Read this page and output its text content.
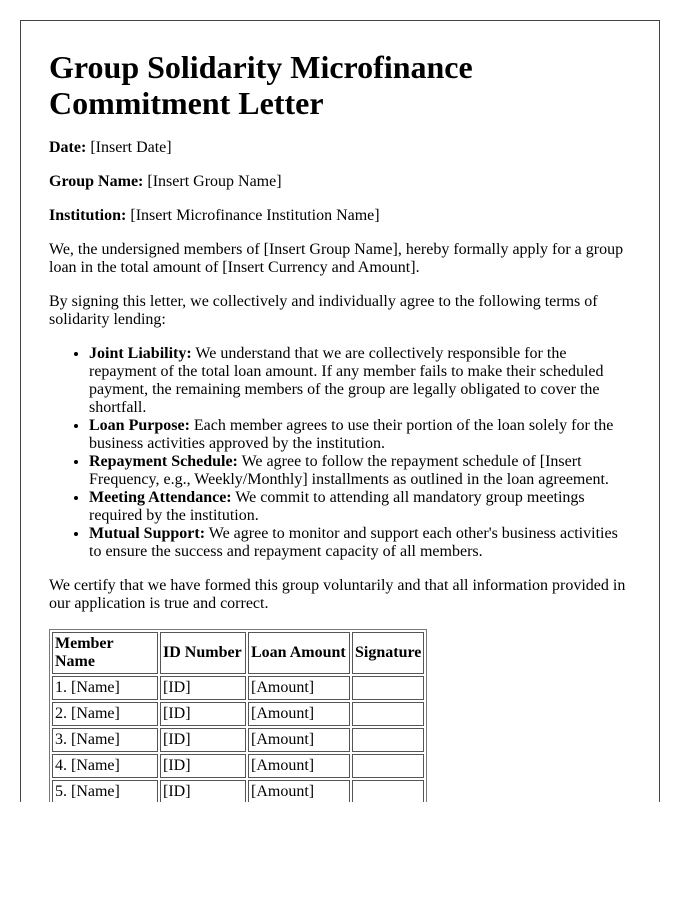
Group Solidarity Microfinance Commitment Letter

Date: [Insert Date]

Group Name: [Insert Group Name]

Institution: [Insert Microfinance Institution Name]

We, the undersigned members of [Insert Group Name], hereby formally apply for a group loan in the total amount of [Insert Currency and Amount].

By signing this letter, we collectively and individually agree to the following terms of solidarity lending:

• Joint Liability: We understand that we are collectively responsible for the repayment of the total loan amount. If any member fails to make their scheduled payment, the remaining members of the group are legally obligated to cover the shortfall.
• Loan Purpose: Each member agrees to use their portion of the loan solely for the business activities approved by the institution.
• Repayment Schedule: We agree to follow the repayment schedule of [Insert Frequency, e.g., Weekly/Monthly] installments as outlined in the loan agreement.
• Meeting Attendance: We commit to attending all mandatory group meetings required by the institution.
• Mutual Support: We agree to monitor and support each other's business activities to ensure the success and repayment capacity of all members.

We certify that we have formed this group voluntarily and that all information provided in our application is true and correct.

Member Name	ID Number	Loan Amount	Signature
1. [Name]	[ID]	[Amount]	
2. [Name]	[ID]	[Amount]	
3. [Name]	[ID]	[Amount]	
4. [Name]	[ID]	[Amount]	
5. [Name]	[ID]	[Amount]	
